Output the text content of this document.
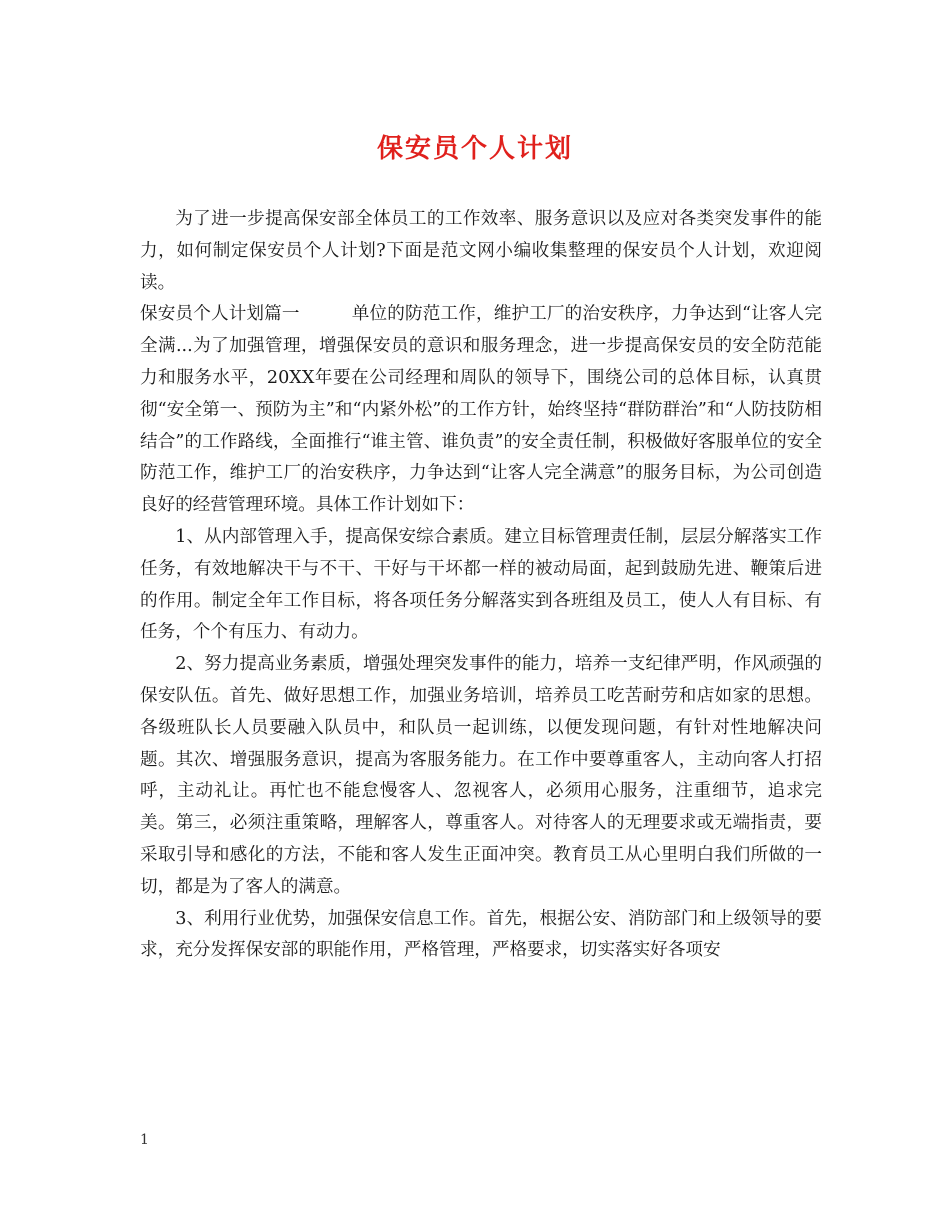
保安员个人计划

为了进一步提高保安部全体员工的工作效率、服务意识以及应对各类突发事件的能力，如何制定保安员个人计划?下面是范文网小编收集整理的保安员个人计划，欢迎阅读。

保安员个人计划篇一	单位的防范工作，维护工厂的治安秩序，力争达到“让客人完全满...为了加强管理，增强保安员的意识和服务理念，进一步提高保安员的安全防范能力和服务水平，20XX年要在公司经理和周队的领导下，围绕公司的总体目标，认真贯彻“安全第一、预防为主”和“内紧外松”的工作方针，始终坚持“群防群治”和“人防技防相结合”的工作路线，全面推行“谁主管、谁负责”的安全责任制，积极做好客服单位的安全防范工作，维护工厂的治安秩序，力争达到“让客人完全满意”的服务目标，为公司创造良好的经营管理环境。具体工作计划如下：

1、从内部管理入手，提高保安综合素质。建立目标管理责任制，层层分解落实工作任务，有效地解决干与不干、干好与干坏都一样的被动局面，起到鼓励先进、鞭策后进的作用。制定全年工作目标，将各项任务分解落实到各班组及员工，使人人有目标、有任务，个个有压力、有动力。

2、努力提高业务素质，增强处理突发事件的能力，培养一支纪律严明，作风顽强的保安队伍。首先、做好思想工作，加强业务培训，培养员工吃苦耐劳和店如家的思想。各级班队长人员要融入队员中，和队员一起训练，以便发现问题，有针对性地解决问题。其次、增强服务意识，提高为客服务能力。在工作中要尊重客人，主动向客人打招呼，主动礼让。再忙也不能怠慢客人、忽视客人，必须用心服务，注重细节，追求完美。第三，必须注重策略，理解客人，尊重客人。对待客人的无理要求或无端指责，要采取引导和感化的方法，不能和客人发生正面冲突。教育员工从心里明白我们所做的一切，都是为了客人的满意。

3、利用行业优势，加强保安信息工作。首先，根据公安、消防部门和上级领导的要求，充分发挥保安部的职能作用，严格管理，严格要求，切实落实好各项安

1
